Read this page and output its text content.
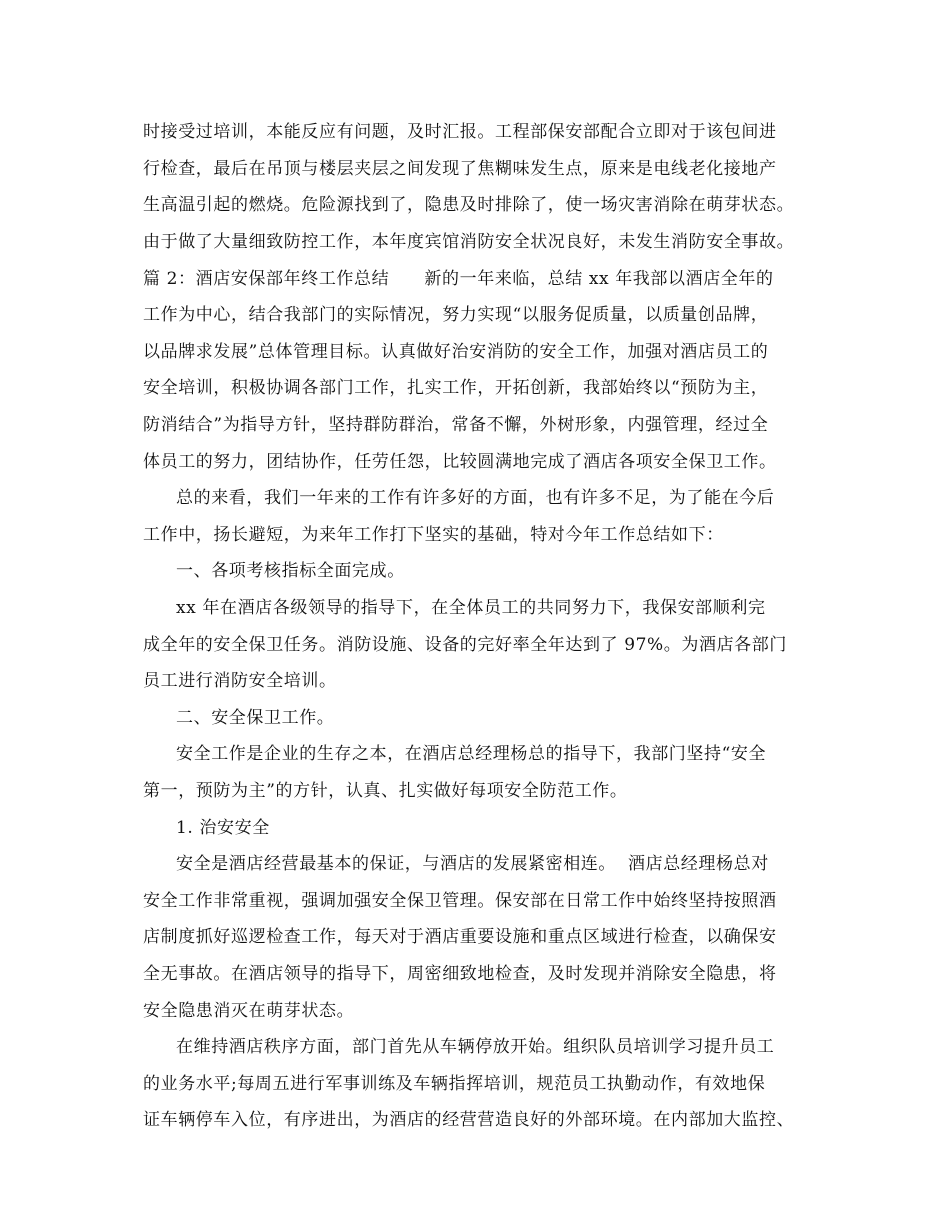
时接受过培训，本能反应有问题，及时汇报。工程部保安部配合立即对于该包间进
行检查，最后在吊顶与楼层夹层之间发现了焦糊味发生点，原来是电线老化接地产
生高温引起的燃烧。危险源找到了，隐患及时排除了，使一场灾害消除在萌芽状态。
由于做了大量细致防控工作，本年度宾馆消防安全状况良好，未发生消防安全事故。
篇 2：酒店安保部年终工作总结　　新的一年来临，总结 xx 年我部以酒店全年的
工作为中心，结合我部门的实际情况，努力实现“以服务促质量，以质量创品牌，
以品牌求发展”总体管理目标。认真做好治安消防的安全工作，加强对酒店员工的
安全培训，积极协调各部门工作，扎实工作，开拓创新，我部始终以“预防为主，
防消结合”为指导方针，坚持群防群治，常备不懈，外树形象，内强管理，经过全
体员工的努力，团结协作，任劳任怨，比较圆满地完成了酒店各项安全保卫工作。
总的来看，我们一年来的工作有许多好的方面，也有许多不足，为了能在今后
工作中，扬长避短，为来年工作打下坚实的基础，特对今年工作总结如下：
一、各项考核指标全面完成。
xx 年在酒店各级领导的指导下，在全体员工的共同努力下，我保安部顺利完
成全年的安全保卫任务。消防设施、设备的完好率全年达到了 97%。为酒店各部门
员工进行消防安全培训。
二、安全保卫工作。
安全工作是企业的生存之本，在酒店总经理杨总的指导下，我部门坚持“安全
第一，预防为主”的方针，认真、扎实做好每项安全防范工作。
1. 治安安全
安全是酒店经营最基本的保证，与酒店的发展紧密相连。  酒店总经理杨总对
安全工作非常重视，强调加强安全保卫管理。保安部在日常工作中始终坚持按照酒
店制度抓好巡逻检查工作，每天对于酒店重要设施和重点区域进行检查，以确保安
全无事故。在酒店领导的指导下，周密细致地检查，及时发现并消除安全隐患，将
安全隐患消灭在萌芽状态。
在维持酒店秩序方面，部门首先从车辆停放开始。组织队员培训学习提升员工
的业务水平;每周五进行军事训练及车辆指挥培训，规范员工执勤动作，有效地保
证车辆停车入位，有序进出，为酒店的经营营造良好的外部环境。在内部加大监控、
